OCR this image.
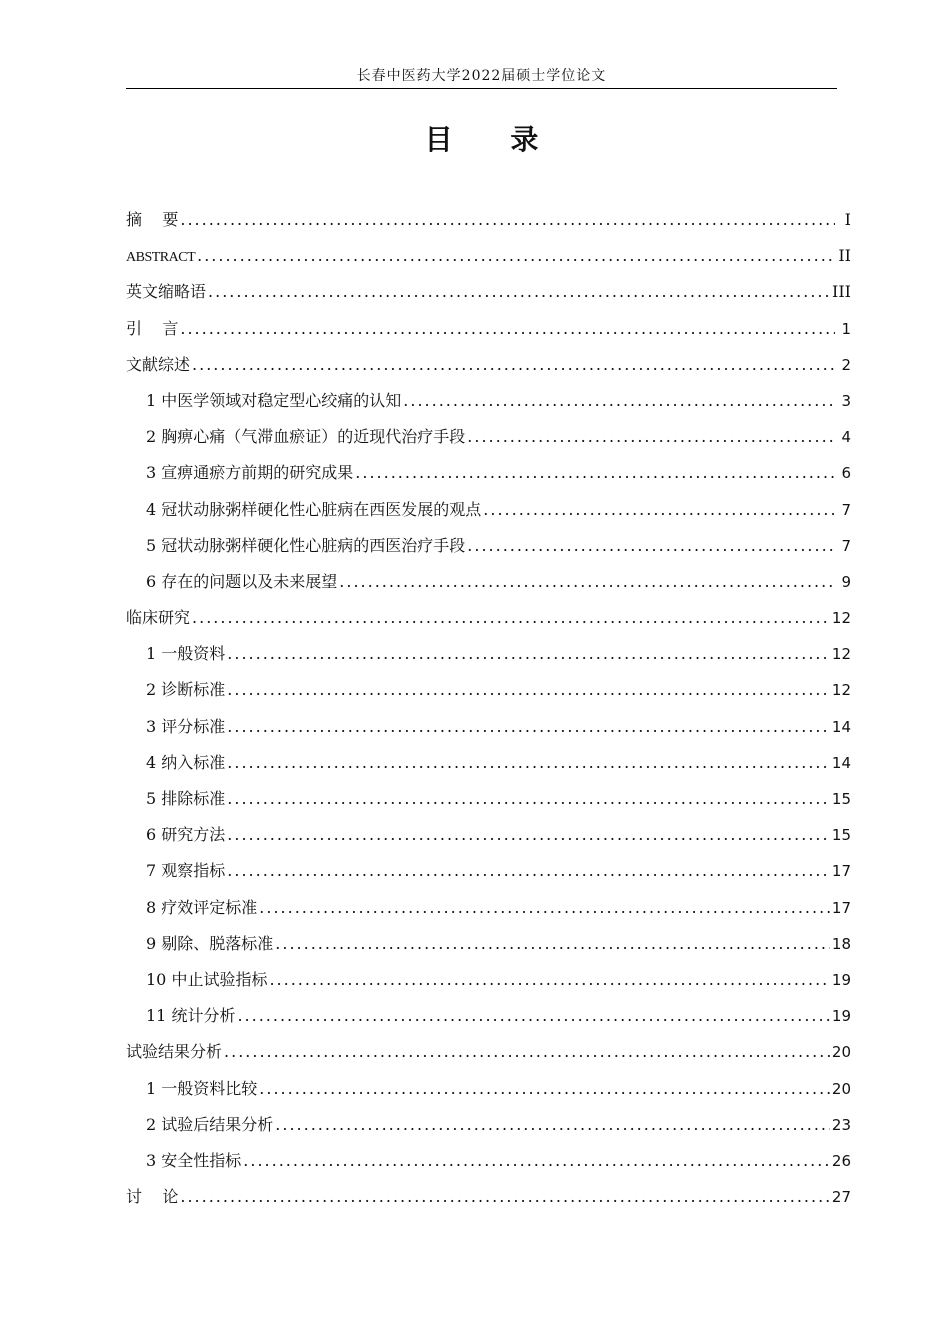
长春中医药大学2022届硕士学位论文
目 录
摘    要 .....	I
ABSTRACT .....	II
英文缩略语 .....	III
引    言 .....	1
文献综述 .....	2
1 中医学领域对稳定型心绞痛的认知 .....	3
2 胸痹心痛（气滞血瘀证）的近现代治疗手段 .....	4
3 宣痹通瘀方前期的研究成果 .....	6
4 冠状动脉粥样硬化性心脏病在西医发展的观点 .....	7
5 冠状动脉粥样硬化性心脏病的西医治疗手段 .....	7
6 存在的问题以及未来展望 .....	9
临床研究 .....	12
1 一般资料 .....	12
2 诊断标准 .....	12
3 评分标准 .....	14
4 纳入标准 .....	14
5 排除标准 .....	15
6 研究方法 .....	15
7 观察指标 .....	17
8 疗效评定标准 .....	17
9 剔除、脱落标准 .....	18
10 中止试验指标 .....	19
11 统计分析 .....	19
试验结果分析 .....	20
1 一般资料比较 .....	20
2 试验后结果分析 .....	23
3 安全性指标 .....	26
讨    论 .....	27
